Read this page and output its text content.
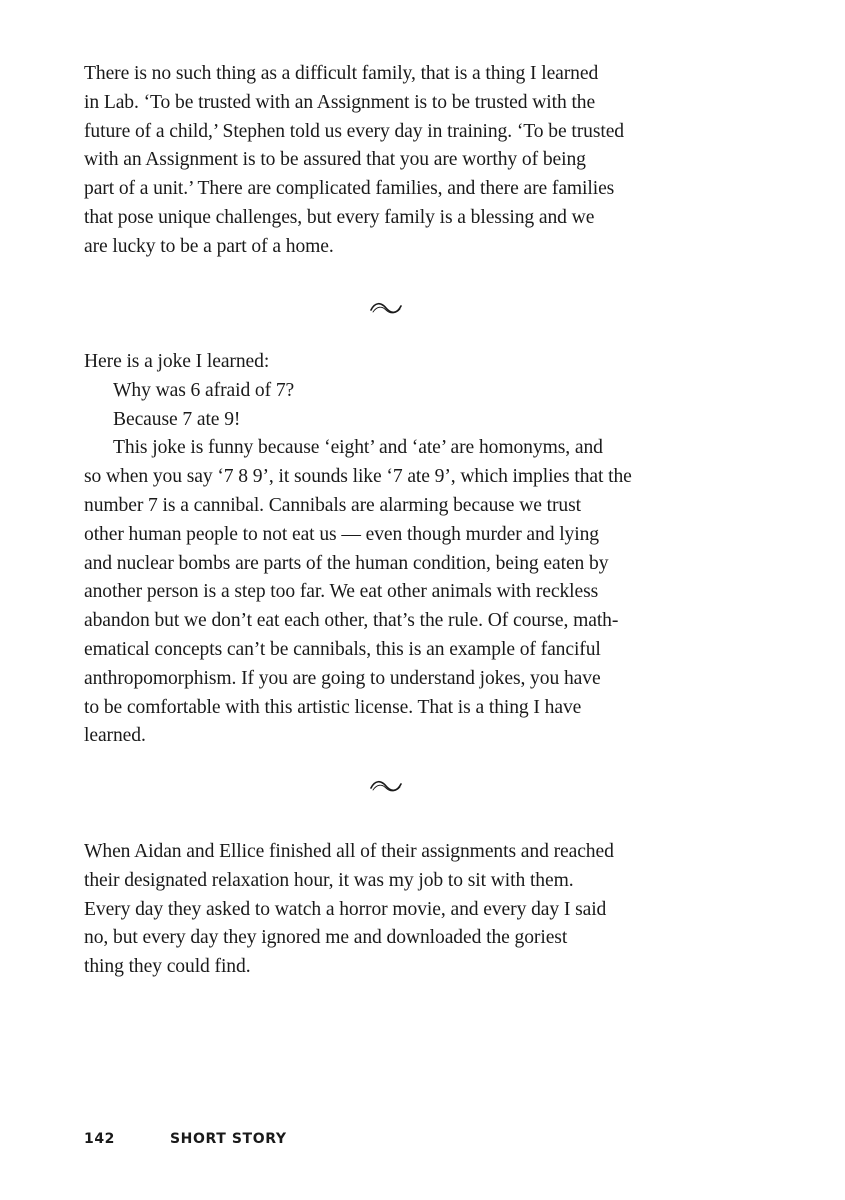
There is no such thing as a difficult family, that is a thing I learned
in Lab. ‘To be trusted with an Assignment is to be trusted with the
future of a child,’ Stephen told us every day in training. ‘To be trusted
with an Assignment is to be assured that you are worthy of being
part of a unit.’ There are complicated families, and there are families
that pose unique challenges, but every family is a blessing and we
are lucky to be a part of a home.
Here is a joke I learned:
Why was 6 afraid of 7?
Because 7 ate 9!
This joke is funny because ‘eight’ and ‘ate’ are homonyms, and
so when you say ‘7 8 9’, it sounds like ‘7 ate 9’, which implies that the
number 7 is a cannibal. Cannibals are alarming because we trust
other human people to not eat us — even though murder and lying
and nuclear bombs are parts of the human condition, being eaten by
another person is a step too far. We eat other animals with reckless
abandon but we don’t eat each other, that’s the rule. Of course, math-
ematical concepts can’t be cannibals, this is an example of fanciful
anthropomorphism. If you are going to understand jokes, you have
to be comfortable with this artistic license. That is a thing I have
learned.
When Aidan and Ellice finished all of their assignments and reached
their designated relaxation hour, it was my job to sit with them.
Every day they asked to watch a horror movie, and every day I said
no, but every day they ignored me and downloaded the goriest
thing they could find.
142	SHORT STORY
